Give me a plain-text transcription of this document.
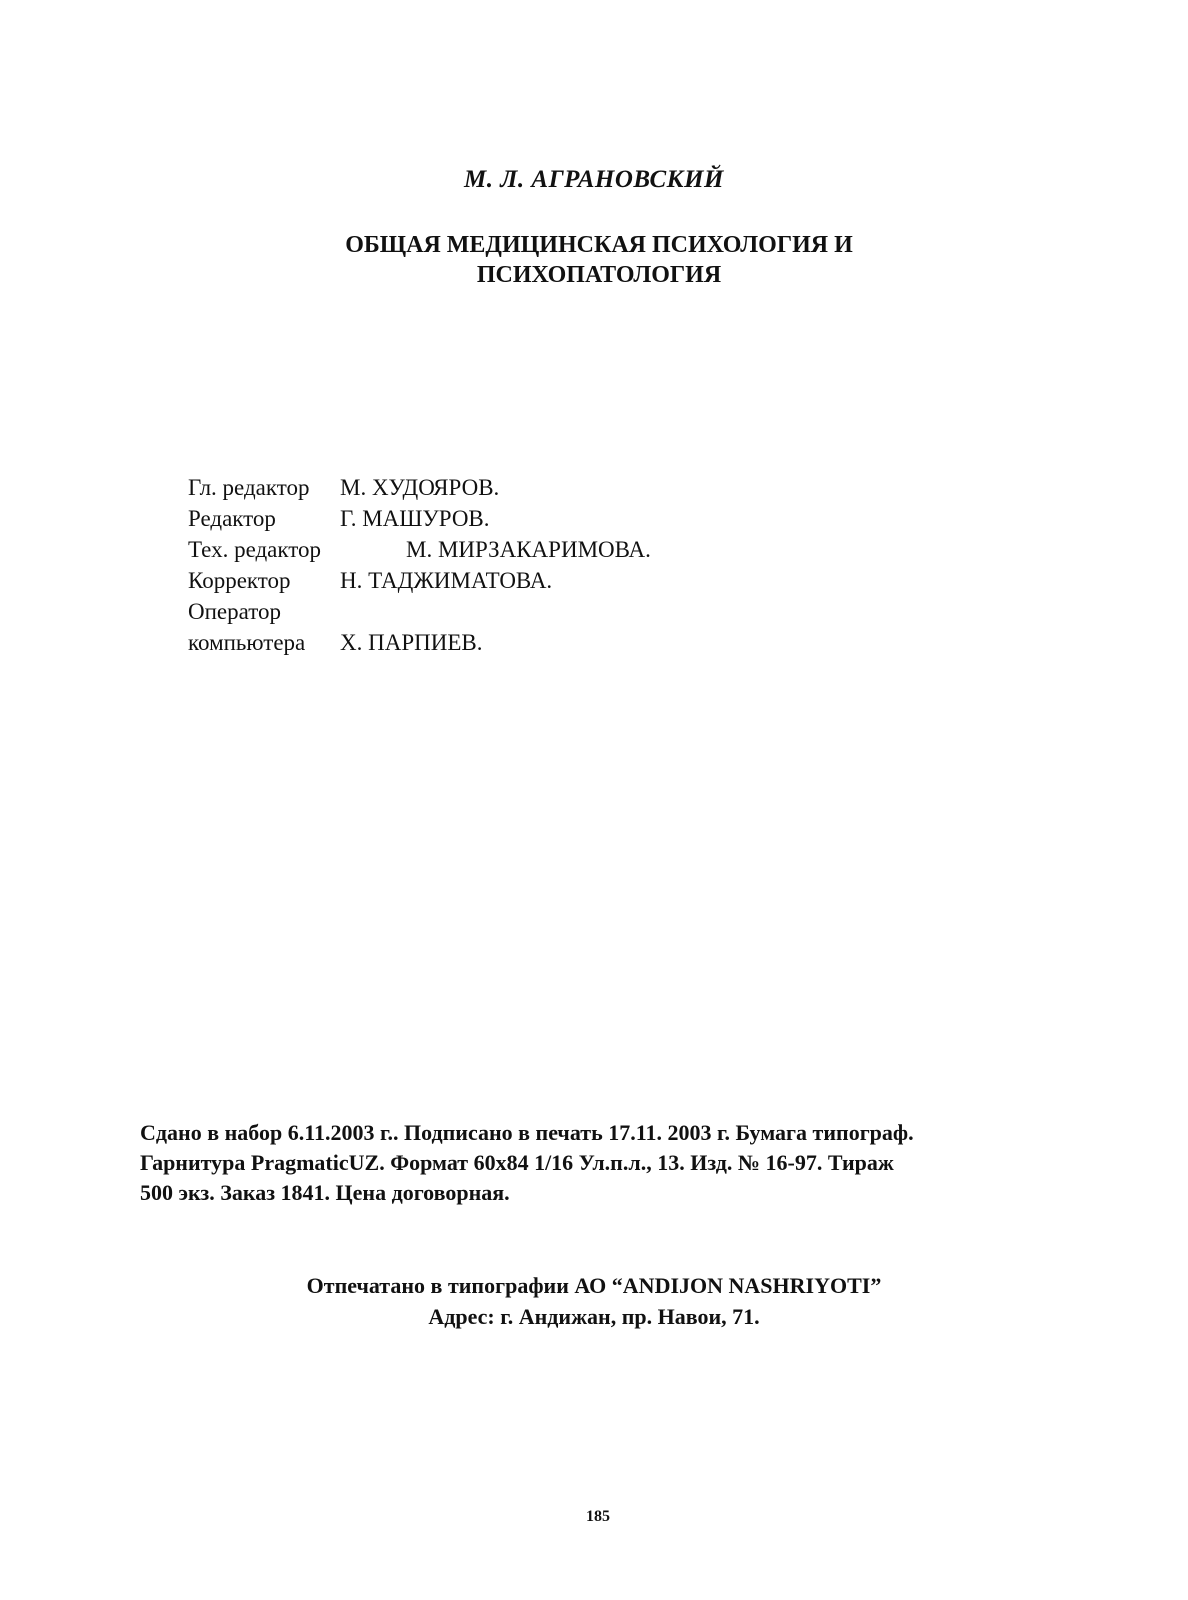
М. Л. АГРАНОВСКИЙ
ОБЩАЯ МЕДИЦИНСКАЯ ПСИХОЛОГИЯ И
ПСИХОПАТОЛОГИЯ
Гл. редактор М. ХУДОЯРОВ.
Редактор	Г. МАШУРОВ.
Тех. редактор	М. МИРЗАКАРИМОВА.
Корректор Н. ТАДЖИМАТОВА.
Оператор
компьютера Х. ПАРПИЕВ.
Сдано в набор 6.11.2003 г.. Подписано в печать 17.11. 2003 г. Бумага типограф.
Гарнитура PragmaticUZ. Формат 60х84 1/16 Ул.п.л., 13. Изд. № 16-97. Тираж
500 экз. Заказ 1841. Цена договорная.
Отпечатано в типографии АО “ANDIJON NASHRIYOTI”
Адрес: г. Андижан, пр. Навои, 71.
185
